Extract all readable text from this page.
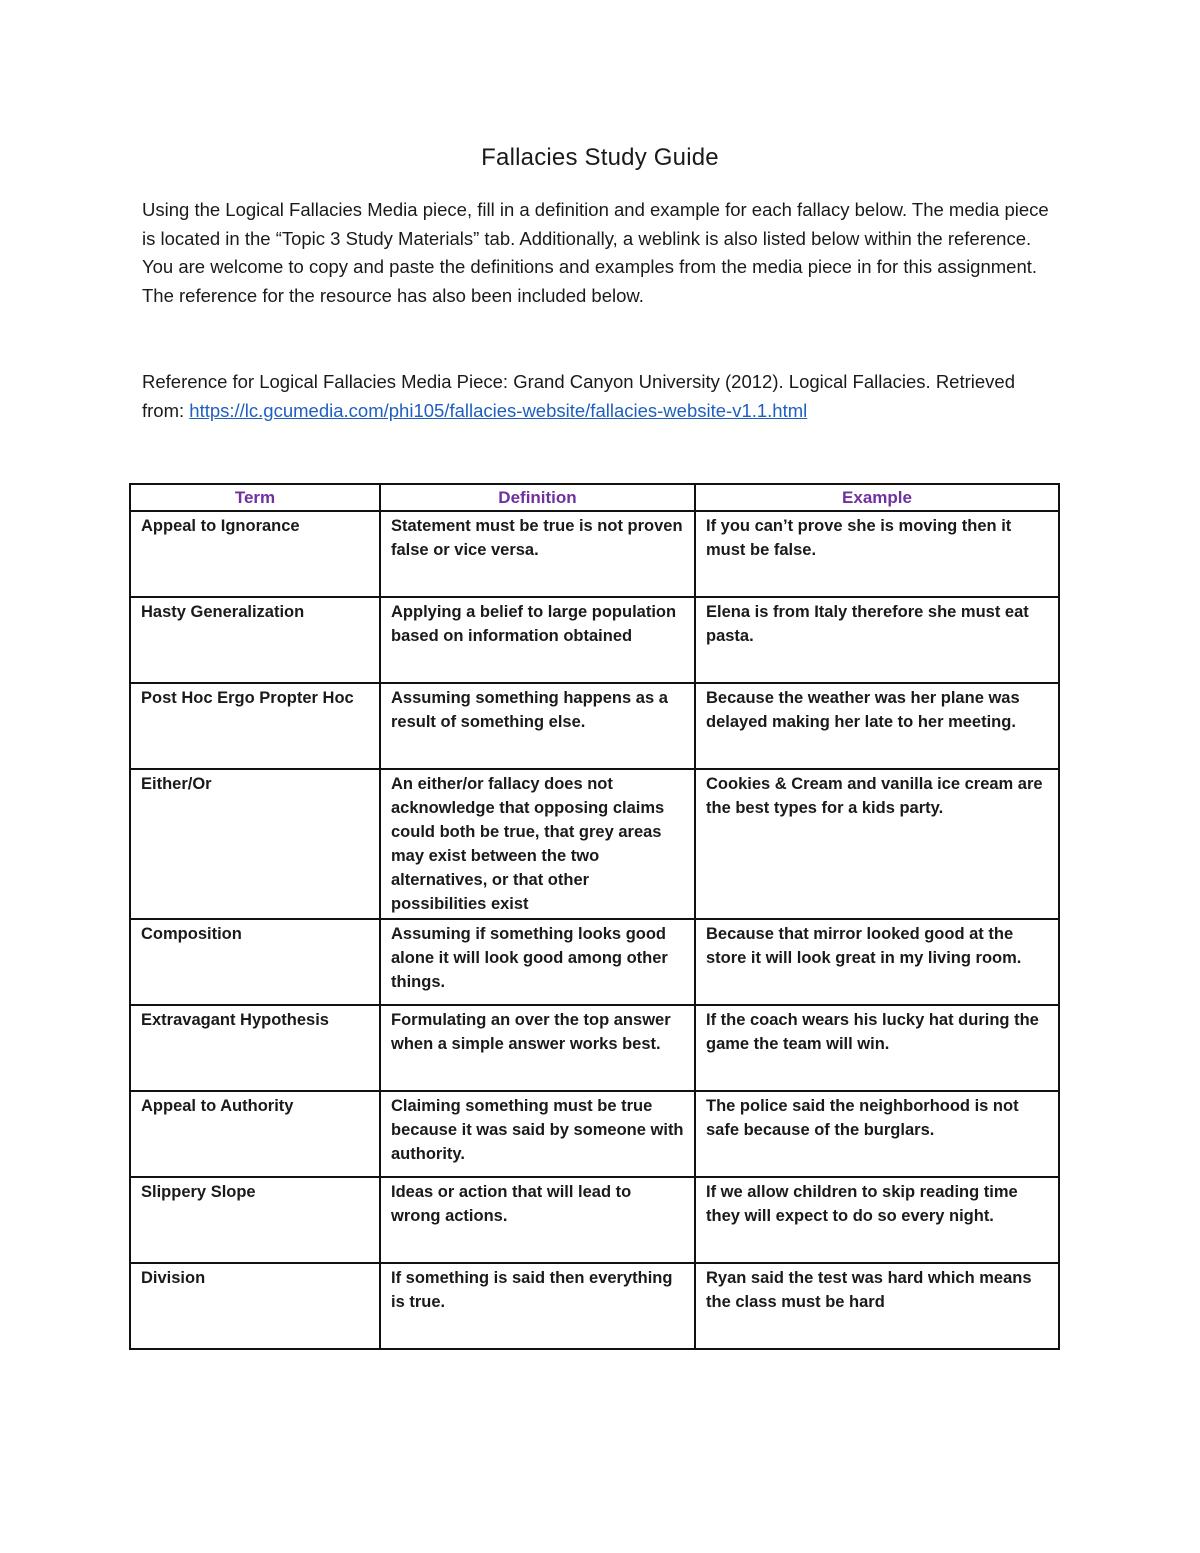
Fallacies Study Guide
Using the Logical Fallacies Media piece, fill in a definition and example for each fallacy below. The media piece is located in the “Topic 3 Study Materials” tab. Additionally, a weblink is also listed below within the reference. You are welcome to copy and paste the definitions and examples from the media piece in for this assignment. The reference for the resource has also been included below.
Reference for Logical Fallacies Media Piece: Grand Canyon University (2012). Logical Fallacies. Retrieved from: https://lc.gcumedia.com/phi105/fallacies-website/fallacies-website-v1.1.html
Term	Definition	Example
Appeal to Ignorance	Statement must be true is not proven false or vice versa.	If you can’t prove she is moving then it must be false.
Hasty Generalization	Applying a belief to large population based on information obtained	Elena is from Italy therefore she must eat pasta.
Post Hoc Ergo Propter Hoc	Assuming something happens as a result of something else.	Because the weather was her plane was delayed making her late to her meeting.
Either/Or	An either/or fallacy does not acknowledge that opposing claims could both be true, that grey areas may exist between the two alternatives, or that other possibilities exist	Cookies & Cream and vanilla ice cream are the best types for a kids party.
Composition	Assuming if something looks good alone it will look good among other things.	Because that mirror looked good at the store it will look great in my living room.
Extravagant Hypothesis	Formulating an over the top answer when a simple answer works best.	If the coach wears his lucky hat during the game the team will win.
Appeal to Authority	Claiming something must be true because it was said by someone with authority.	The police said the neighborhood is not safe because of the burglars.
Slippery Slope	Ideas or action that will lead to wrong actions.	If we allow children to skip reading time they will expect to do so every night.
Division	If something is said then everything is true.	Ryan said the test was hard which means the class must be hard
